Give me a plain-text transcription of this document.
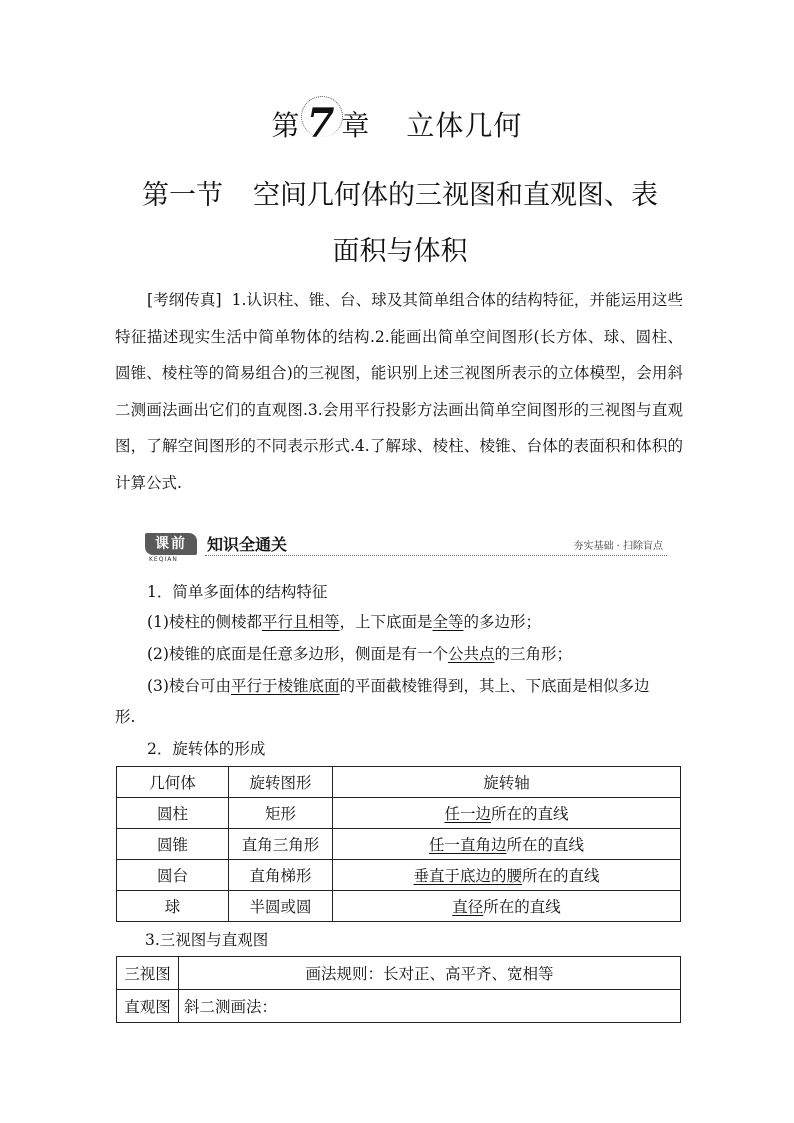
第 7 章 立体几何
第一节 空间几何体的三视图和直观图、表
面积与体积
[考纲传真] 1.认识柱、锥、台、球及其简单组合体的结构特征，并能运用这些特征描述现实生活中简单物体的结构.2.能画出简单空间图形(长方体、球、圆柱、圆锥、棱柱等的简易组合)的三视图，能识别上述三视图所表示的立体模型，会用斜二测画法画出它们的直观图.3.会用平行投影方法画出简单空间图形的三视图与直观图，了解空间图形的不同表示形式.4.了解球、棱柱、棱锥、台体的表面积和体积的计算公式.
课前
KEQIAN
知识全通关	夯实基础 · 扫除盲点
1．简单多面体的结构特征
(1)棱柱的侧棱都平行且相等，上下底面是全等的多边形；
(2)棱锥的底面是任意多边形，侧面是有一个公共点的三角形；
(3)棱台可由平行于棱锥底面的平面截棱锥得到，其上、下底面是相似多边
形.
2．旋转体的形成
几何体	旋转图形	旋转轴
圆柱	矩形	任一边所在的直线
圆锥	直角三角形	任一直角边所在的直线
圆台	直角梯形	垂直于底边的腰所在的直线
球	半圆或圆	直径所在的直线
3.三视图与直观图
三视图	画法规则：长对正、高平齐、宽相等
直观图	斜二测画法：
